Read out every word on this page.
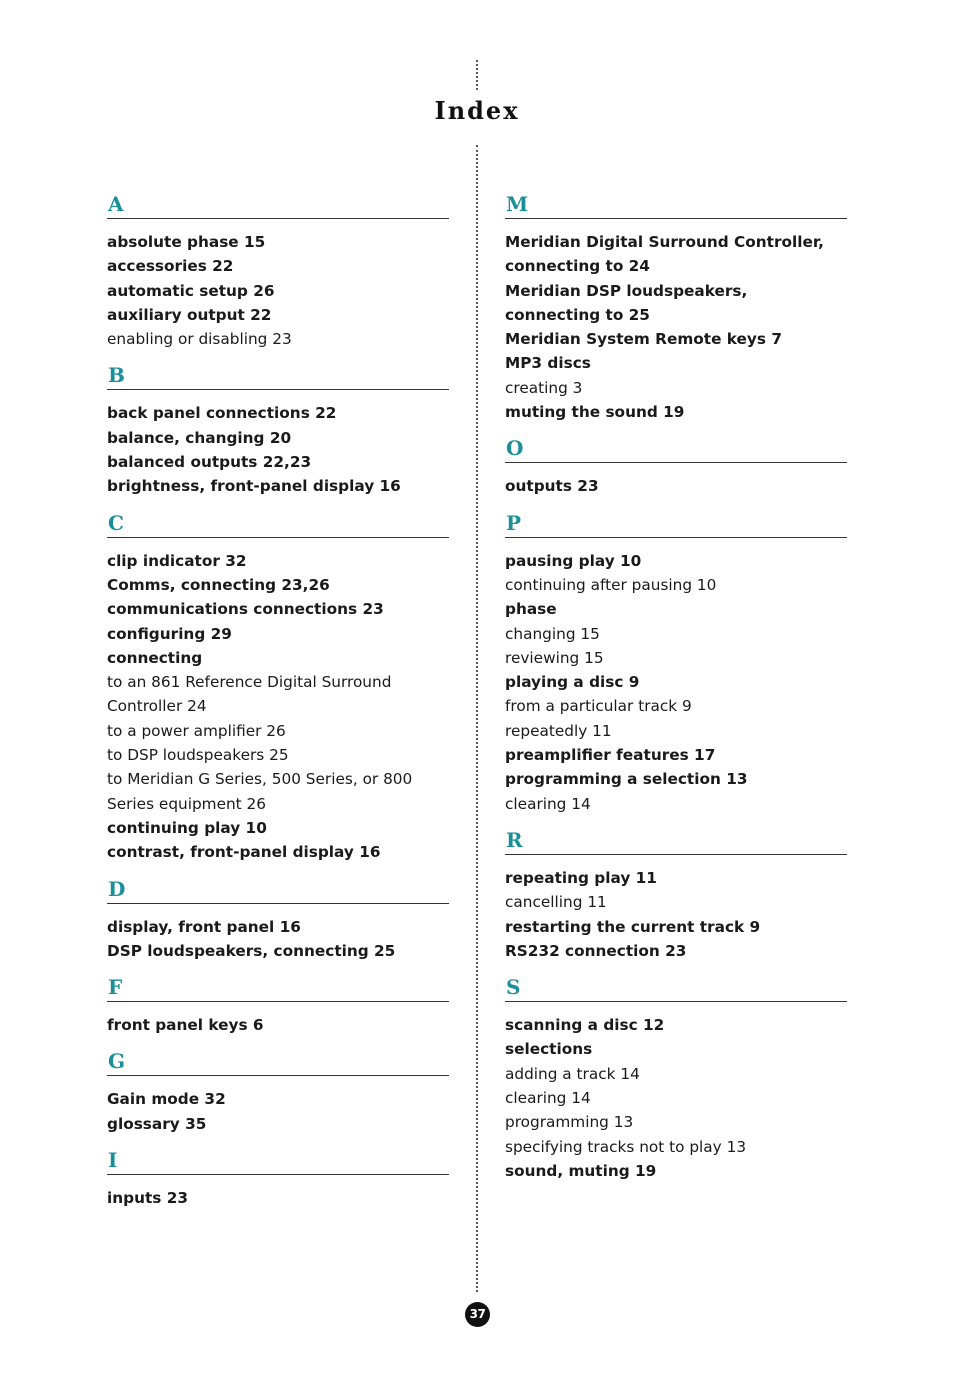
Index
A
absolute phase 15
accessories 22
automatic setup 26
auxiliary output 22
enabling or disabling 23
B
back panel connections 22
balance, changing 20
balanced outputs 22,23
brightness, front-panel display 16
C
clip indicator 32
Comms, connecting 23,26
communications connections 23
configuring 29
connecting
to an 861 Reference Digital Surround
Controller 24
to a power amplifier 26
to DSP loudspeakers 25
to Meridian G Series, 500 Series, or 800
Series equipment 26
continuing play 10
contrast, front-panel display 16
D
display, front panel 16
DSP loudspeakers, connecting 25
F
front panel keys 6
G
Gain mode 32
glossary 35
I
inputs 23
M
Meridian Digital Surround Controller,
connecting to 24
Meridian DSP loudspeakers,
connecting to 25
Meridian System Remote keys 7
MP3 discs
creating 3
muting the sound 19
O
outputs 23
P
pausing play 10
continuing after pausing 10
phase
changing 15
reviewing 15
playing a disc 9
from a particular track 9
repeatedly 11
preamplifier features 17
programming a selection 13
clearing 14
R
repeating play 11
cancelling 11
restarting the current track 9
RS232 connection 23
S
scanning a disc 12
selections
adding a track 14
clearing 14
programming 13
specifying tracks not to play 13
sound, muting 19
37
